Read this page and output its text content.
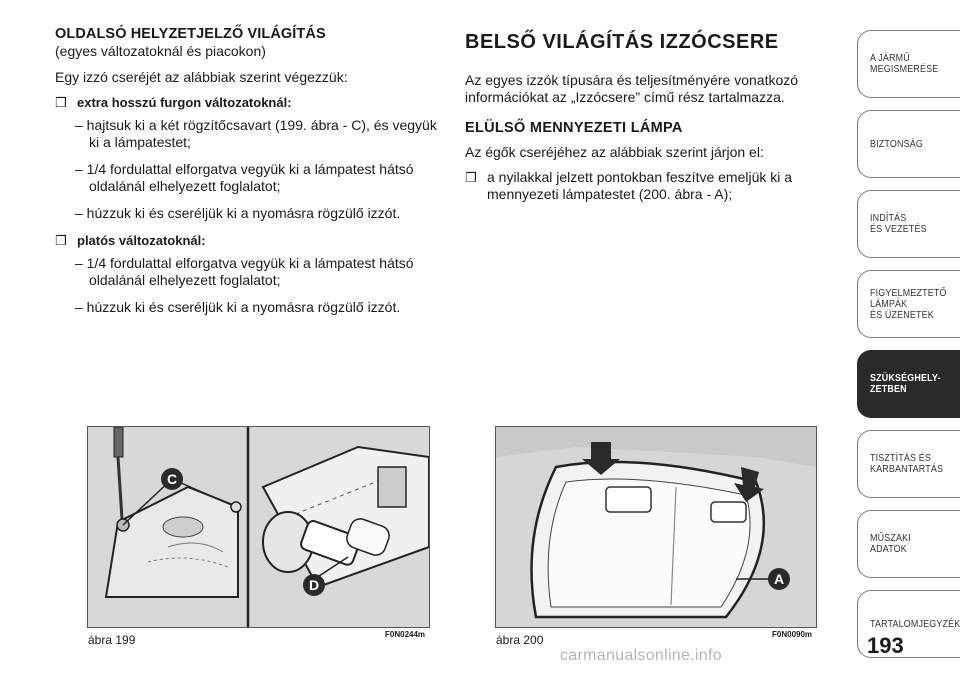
OLDALSÓ HELYZETJELZŐ VILÁGÍTÁS
(egyes változatoknál és piacokon)
Egy izzó cseréjét az alábbiak szerint végezzük:
❒ extra hosszú furgon változatoknál:
– hajtsuk ki a két rögzítőcsavart (199. ábra - C), és vegyük ki a lámpatestet;
– 1/4 fordulattal elforgatva vegyük ki a lámpatest hátsó oldalánál elhelyezett foglalatot;
– húzzuk ki és cseréljük ki a nyomásra rögzülő izzót.
❒ platós változatoknál:
– 1/4 fordulattal elforgatva vegyük ki a lámpatest hátsó oldalánál elhelyezett foglalatot;
– húzzuk ki és cseréljük ki a nyomásra rögzülő izzót.
BELSŐ VILÁGÍTÁS IZZÓCSERE
Az egyes izzók típusára és teljesítményére vonatkozó információkat az „Izzócsere” című rész tartalmazza.
ELÜLSŐ MENNYEZETI LÁMPA
Az égők cseréjéhez az alábbiak szerint járjon el:
❒ a nyilakkal jelzett pontokban feszítve emeljük ki a mennyezeti lámpatestet (200. ábra - A);
C
D
ábra 199	F0N0244m
A
ábra 200	F0N0090m
A JÁRMŰ
MEGISMERÉSE
BIZTONSÁG
INDÍTÁS
ÉS VEZETÉS
FIGYELMEZTETŐ
LÁMPÁK
ÉS ÜZENETEK
SZÜKSÉGHELY-
ZETBEN
TISZTÍTÁS ÉS
KARBANTARTÁS
MŰSZAKI
ADATOK
TARTALOMJEGYZÉK
193
carmanualsonline.info
